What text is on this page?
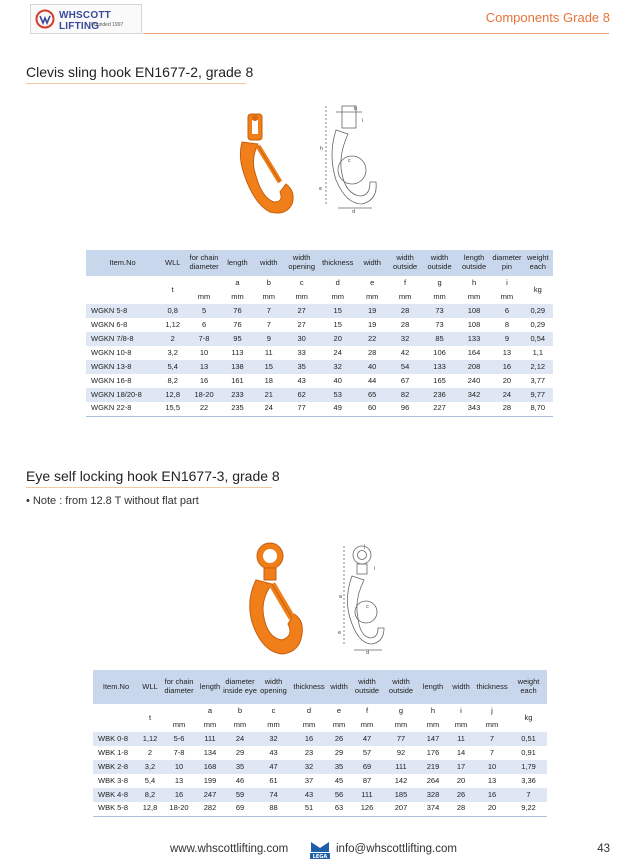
WHSCOTT LIFTING
Founded 1997	Components Grade 8
Clevis sling hook EN1677-2, grade 8
b
h
c
e
d
i
Item.No	WLL	for chain diameter	length	width	width opening	thickness	width	width outside	width outside	length outside	diameter pin	weight each
	t		a	b	c	d	e	f	g	h	i	kg
		mm	mm	mm	mm	mm	mm	mm	mm	mm	mm	
WGKN 5-8	0,8	5	76	7	27	15	19	28	73	108	6	0,29
WGKN 6-8	1,12	6	76	7	27	15	19	28	73	108	8	0,29
WGKN 7/8-8	2	7-8	95	9	30	20	22	32	85	133	9	0,54
WGKN 10-8	3,2	10	113	11	33	24	28	42	106	164	13	1,1
WGKN 13-8	5,4	13	138	15	35	32	40	54	133	208	16	2,12
WGKN 16-8	8,2	16	161	18	43	40	44	67	165	240	20	3,77
WGKN 18/20-8	12,8	18-20	233	21	62	53	65	82	236	342	24	9,77
WGKN 22-8	15,5	22	235	24	77	49	60	96	227	343	28	8,70
Eye self locking hook EN1677-3, grade 8
• Note : from 12.8 T without flat part
j
a
c
e
d
i
Item.No	WLL	for chain diameter	length	diameter inside eye	width opening	thickness	width	width outside	width outside	length	width	thickness	weight each
	t		a	b	c	d	e	f	g	h	i	j	kg
		mm	mm	mm	mm	mm	mm	mm	mm	mm	mm	mm	
WBK 0-8	1,12	5-6	111	24	32	16	26	47	77	147	11	7	0,51
WBK 1-8	2	7-8	134	29	43	23	29	57	92	176	14	7	0,91
WBK 2-8	3,2	10	168	35	47	32	35	69	111	219	17	10	1,79
WBK 3-8	5,4	13	199	46	61	37	45	87	142	264	20	13	3,36
WBK 4-8	8,2	16	247	59	74	43	56	111	185	328	26	16	7
WBK 5-8	12,8	18-20	282	69	88	51	63	126	207	374	28	20	9,22
www.whscottlifting.com
LEGA
info@whscottlifting.com	43
